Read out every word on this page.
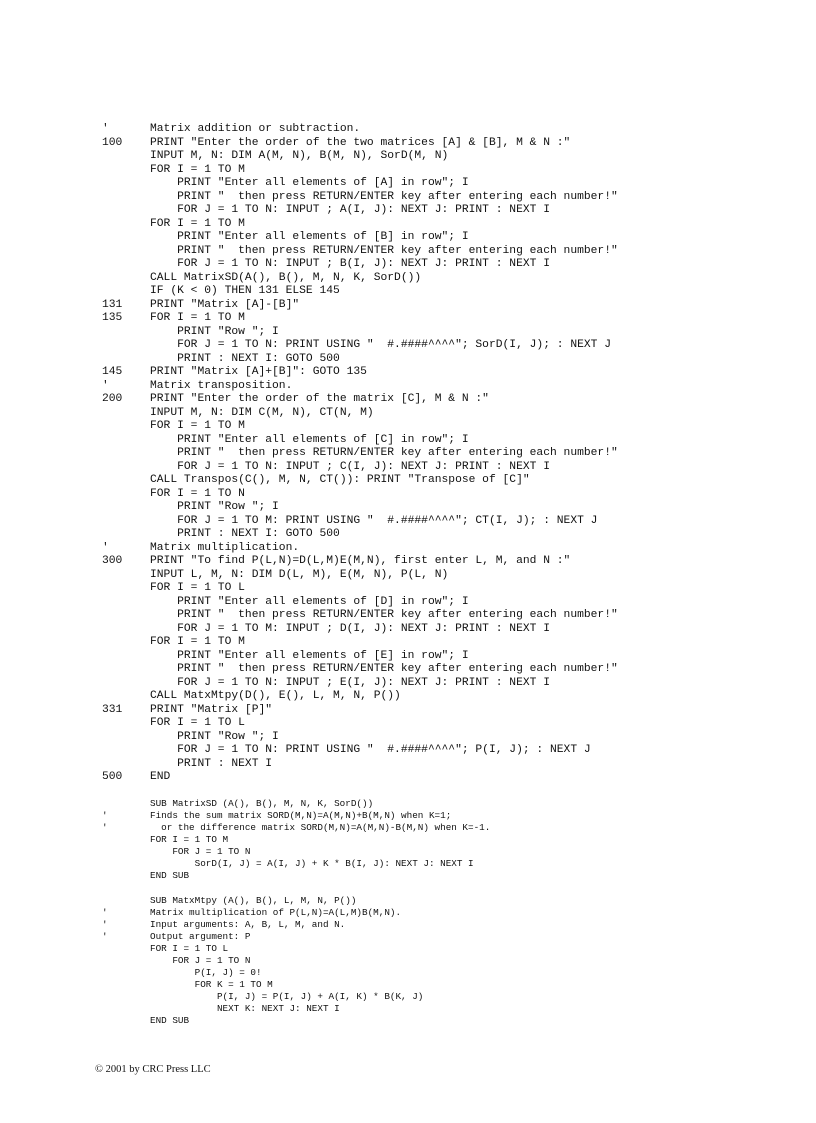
'	Matrix addition or subtraction.
100 PRINT "Enter the order of the two matrices [A] & [B], M & N :"
INPUT M, N: DIM A(M, N), B(M, N), SorD(M, N)
FOR I = 1 TO M
PRINT "Enter all elements of [A] in row"; I
PRINT "  then press RETURN/ENTER key after entering each number!"
FOR J = 1 TO N: INPUT ; A(I, J): NEXT J: PRINT : NEXT I
FOR I = 1 TO M
PRINT "Enter all elements of [B] in row"; I
PRINT "  then press RETURN/ENTER key after entering each number!"
FOR J = 1 TO N: INPUT ; B(I, J): NEXT J: PRINT : NEXT I
CALL MatrixSD(A(), B(), M, N, K, SorD())
IF (K < 0) THEN 131 ELSE 145
131 PRINT "Matrix [A]-[B]"
135 FOR I = 1 TO M
PRINT "Row "; I
FOR J = 1 TO N: PRINT USING "  #.####^^^^"; SorD(I, J); : NEXT J
PRINT : NEXT I: GOTO 500
145 PRINT "Matrix [A]+[B]": GOTO 135
'	Matrix transposition.
200 PRINT "Enter the order of the matrix [C], M & N :"
INPUT M, N: DIM C(M, N), CT(N, M)
FOR I = 1 TO M
PRINT "Enter all elements of [C] in row"; I
PRINT "  then press RETURN/ENTER key after entering each number!"
FOR J = 1 TO N: INPUT ; C(I, J): NEXT J: PRINT : NEXT I
CALL Transpos(C(), M, N, CT()): PRINT "Transpose of [C]"
FOR I = 1 TO N
PRINT "Row "; I
FOR J = 1 TO M: PRINT USING "  #.####^^^^"; CT(I, J); : NEXT J
PRINT : NEXT I: GOTO 500
'	Matrix multiplication.
300 PRINT "To find P(L,N)=D(L,M)E(M,N), first enter L, M, and N :"
INPUT L, M, N: DIM D(L, M), E(M, N), P(L, N)
FOR I = 1 TO L
PRINT "Enter all elements of [D] in row"; I
PRINT "  then press RETURN/ENTER key after entering each number!"
FOR J = 1 TO M: INPUT ; D(I, J): NEXT J: PRINT : NEXT I
FOR I = 1 TO M
PRINT "Enter all elements of [E] in row"; I
PRINT "  then press RETURN/ENTER key after entering each number!"
FOR J = 1 TO N: INPUT ; E(I, J): NEXT J: PRINT : NEXT I
CALL MatxMtpy(D(), E(), L, M, N, P())
331 PRINT "Matrix [P]"
FOR I = 1 TO L
PRINT "Row "; I
FOR J = 1 TO N: PRINT USING "  #.####^^^^"; P(I, J); : NEXT J
PRINT : NEXT I
500 END
SUB MatrixSD (A(), B(), M, N, K, SorD())
'	Finds the sum matrix SORD(M,N)=A(M,N)+B(M,N) when K=1;
'	or the difference matrix SORD(M,N)=A(M,N)-B(M,N) when K=-1.
FOR I = 1 TO M
FOR J = 1 TO N
SorD(I, J) = A(I, J) + K * B(I, J): NEXT J: NEXT I
END SUB
SUB MatxMtpy (A(), B(), L, M, N, P())
'	Matrix multiplication of P(L,N)=A(L,M)B(M,N).
'	Input arguments: A, B, L, M, and N.
'	Output argument: P
FOR I = 1 TO L
FOR J = 1 TO N
P(I, J) = 0!
FOR K = 1 TO M
P(I, J) = P(I, J) + A(I, K) * B(K, J)
NEXT K: NEXT J: NEXT I
END SUB
© 2001 by CRC Press LLC
